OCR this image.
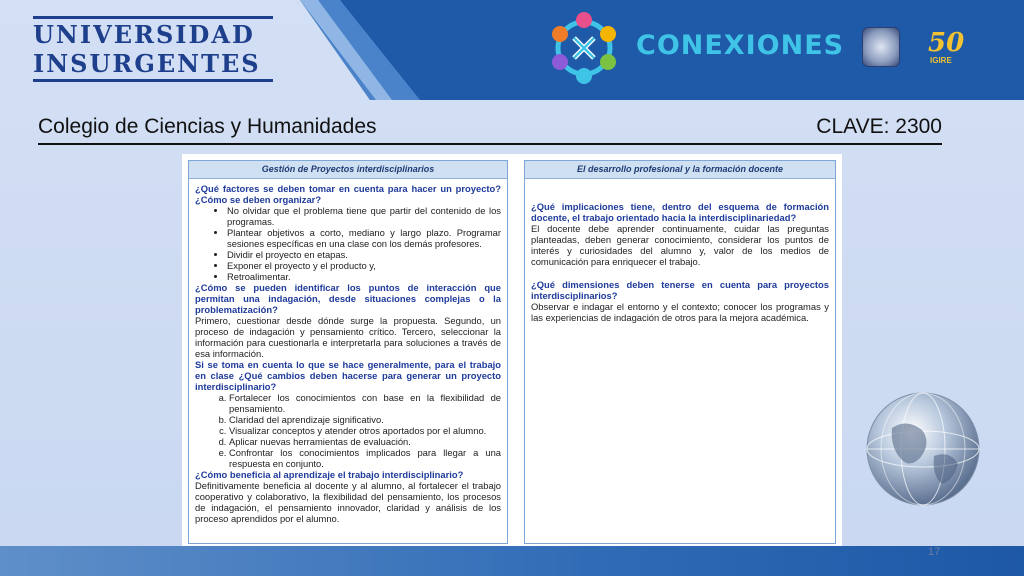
UNIVERSIDAD
INSURGENTES
CONEXIONES	50
IGIRE
Colegio de Ciencias y Humanidades	CLAVE: 2300
Gestión de Proyectos interdisciplinarios

¿Qué factores se deben tomar en cuenta para hacer un proyecto? ¿Cómo se deben organizar?

• No olvidar que el problema tiene que partir del contenido de los programas.
• Plantear objetivos a corto, mediano y largo plazo. Programar sesiones específicas en una clase con los demás profesores.
• Dividir el proyecto en etapas.
• Exponer el proyecto y el producto y,
• Retroalimentar.

¿Cómo se pueden identificar los puntos de interacción que permitan una indagación, desde situaciones complejas o la problematización?

Primero, cuestionar desde dónde surge la propuesta. Segundo, un proceso de indagación y pensamiento crítico. Tercero, seleccionar la información para cuestionarla e interpretarla para soluciones a través de esa información.

Si se toma en cuenta lo que se hace generalmente, para el trabajo en clase ¿Qué cambios deben hacerse para generar un proyecto interdisciplinario?

a. Fortalecer los conocimientos con base en la flexibilidad de pensamiento.
b. Claridad del aprendizaje significativo.
c. Visualizar conceptos y atender otros aportados por el alumno.
d. Aplicar nuevas herramientas de evaluación.
e. Confrontar los conocimientos implicados para llegar a una respuesta en conjunto.

¿Cómo beneficia al aprendizaje el trabajo interdisciplinario?

Definitivamente beneficia al docente y al alumno, al fortalecer el trabajo cooperativo y colaborativo, la flexibilidad del pensamiento, los procesos de indagación, el pensamiento innovador, claridad y análisis de los proceso aprendidos por el alumno.

El desarrollo profesional y la formación docente

¿Qué implicaciones tiene, dentro del esquema de formación docente, el trabajo orientado hacia la interdisciplinariedad?

El docente debe aprender continuamente, cuidar las preguntas planteadas, deben generar conocimiento, considerar los puntos de interés y curiosidades del alumno y, valor de los medios de comunicación para enriquecer el trabajo.

¿Qué dimensiones deben tenerse en cuenta para proyectos interdisciplinarios?

Observar e indagar el entorno y el contexto; conocer los programas y las experiencias de indagación de otros para la mejora académica.

17
